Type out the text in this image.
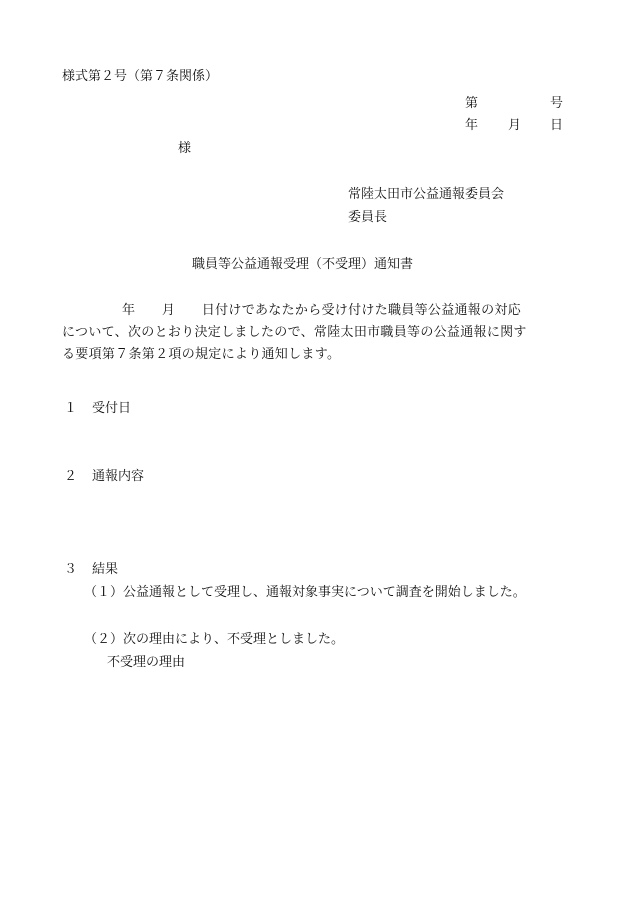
様式第２号（第７条関係）
第	号
年 月 日
様
常陸太田市公益通報委員会
委員長
職員等公益通報受理（不受理）通知書
年　　月　　日付けであなたから受け付けた職員等公益通報の対応
について、次のとおり決定しましたので、常陸太田市職員等の公益通報に関す
る要項第７条第２項の規定により通知します。
１ 受付日
２ 通報内容
３ 結果
（１）公益通報として受理し、通報対象事実について調査を開始しました。
（２）次の理由により、不受理としました。
不受理の理由
